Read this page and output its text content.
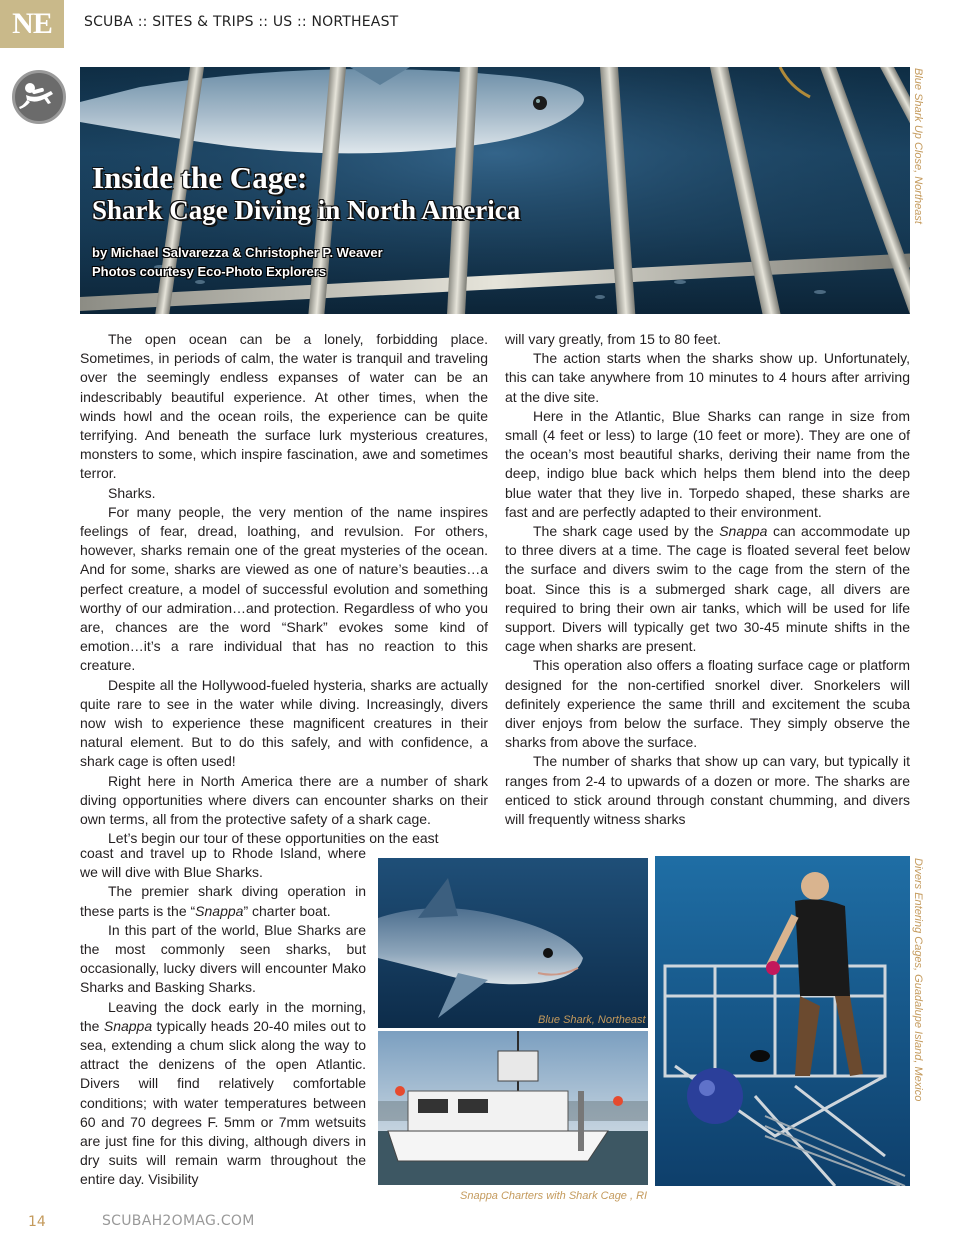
NE	SCUBA :: SITES & TRIPS :: US :: NORTHEAST
Inside the Cage:
Shark Cage Diving in North America
by Michael Salvarezza & Christopher P. Weaver
Photos courtesy Eco-Photo Explorers
Blue Shark Up Close, Northeast

The open ocean can be a lonely, forbidding place. Sometimes, in periods of calm, the water is tranquil and traveling over the seemingly endless expanses of water can be an indescribably beautiful experience. At other times, when the winds howl and the ocean roils, the experience can be quite terrifying. And beneath the surface lurk mysterious creatures, monsters to some, which inspire fascination, awe and sometimes terror.

Sharks.

For many people, the very mention of the name inspires feelings of fear, dread, loathing, and revulsion. For others, however, sharks remain one of the great mysteries of the ocean. And for some, sharks are viewed as one of nature’s beauties…a perfect creature, a model of successful evolution and something worthy of our admiration…and protection. Regardless of who you are, chances are the word “Shark” evokes some kind of emotion…it’s a rare individual that has no reaction to this creature.

Despite all the Hollywood-fueled hysteria, sharks are actually quite rare to see in the water while diving. Increasingly, divers now wish to experience these magnificent creatures in their natural element. But to do this safely, and with confidence, a shark cage is often used!

Right here in North America there are a number of shark diving opportunities where divers can encounter sharks on their own terms, all from the protective safety of a shark cage.

Let’s begin our tour of these opportunities on the east

coast and travel up to Rhode Island, where we will dive with Blue Sharks.

The premier shark diving operation in these parts is the “Snappa” charter boat.

In this part of the world, Blue Sharks are the most commonly seen sharks, but occasionally, lucky divers will encounter Mako Sharks and Basking Sharks.

Leaving the dock early in the morning, the Snappa typically heads 20-40 miles out to sea, extending a chum slick along the way to attract the denizens of the open Atlantic. Divers will find relatively comfortable conditions; with water temperatures between 60 and 70 degrees F. 5mm or 7mm wetsuits are just fine for this diving, although divers in dry suits will remain warm throughout the entire day. Visibility

will vary greatly, from 15 to 80 feet.

The action starts when the sharks show up. Unfortunately, this can take anywhere from 10 minutes to 4 hours after arriving at the dive site.

Here in the Atlantic, Blue Sharks can range in size from small (4 feet or less) to large (10 feet or more). They are one of the ocean’s most beautiful sharks, deriving their name from the deep, indigo blue back which helps them blend into the deep blue water that they live in. Torpedo shaped, these sharks are fast and are perfectly adapted to their environment.

The shark cage used by the Snappa can accommodate up to three divers at a time. The cage is floated several feet below the surface and divers swim to the cage from the stern of the boat. Since this is a submerged shark cage, all divers are required to bring their own air tanks, which will be used for life support. Divers will typically get two 30-45 minute shifts in the cage when sharks are present.

This operation also offers a floating surface cage or platform designed for the non-certified snorkel diver. Snorkelers will definitely experience the same thrill and excitement the scuba diver enjoys from below the surface. They simply observe the sharks from above the surface.

The number of sharks that show up can vary, but typically it ranges from 2-4 to upwards of a dozen or more. The sharks are enticed to stick around through constant chumming, and divers will frequently witness sharks

Blue Shark, Northeast
Snappa Charters with Shark Cage , RI
Divers Entering Cages, Guadalupe Island, Mexico
14	SCUBAH2OMAG.COM
